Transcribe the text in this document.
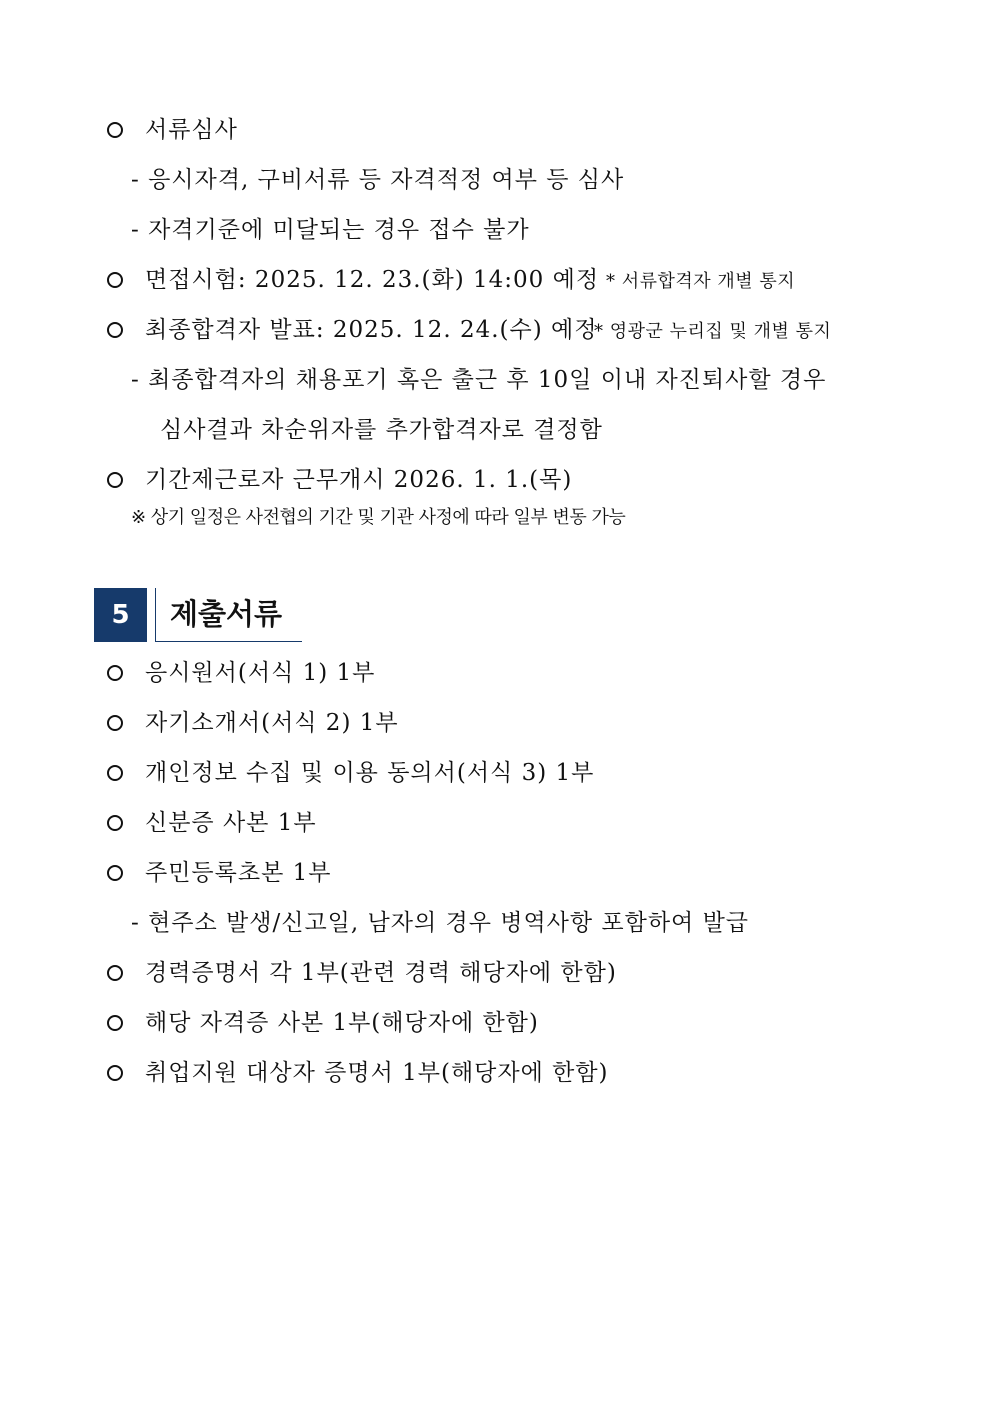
서류심사
- 응시자격, 구비서류 등 자격적정 여부 등 심사
- 자격기준에 미달되는 경우 접수 불가
면접시험: 2025. 12. 23.(화) 14:00 예정 * 서류합격자 개별 통지
최종합격자 발표: 2025. 12. 24.(수) 예정
* 영광군 누리집 및 개별 통지
- 최종합격자의 채용포기 혹은 출근 후 10일 이내 자진퇴사할 경우
심사결과 차순위자를 추가합격자로 결정함
기간제근로자 근무개시 2026. 1. 1.(목)
※ 상기 일정은 사전협의 기간 및 기관 사정에 따라 일부 변동 가능
5	제출서류
응시원서(서식 1) 1부
자기소개서(서식 2) 1부
개인정보 수집 및 이용 동의서(서식 3) 1부
신분증 사본 1부
주민등록초본 1부
- 현주소 발생/신고일, 남자의 경우 병역사항 포함하여 발급
경력증명서 각 1부(관련 경력 해당자에 한함)
해당 자격증 사본 1부(해당자에 한함)
취업지원 대상자 증명서 1부(해당자에 한함)
